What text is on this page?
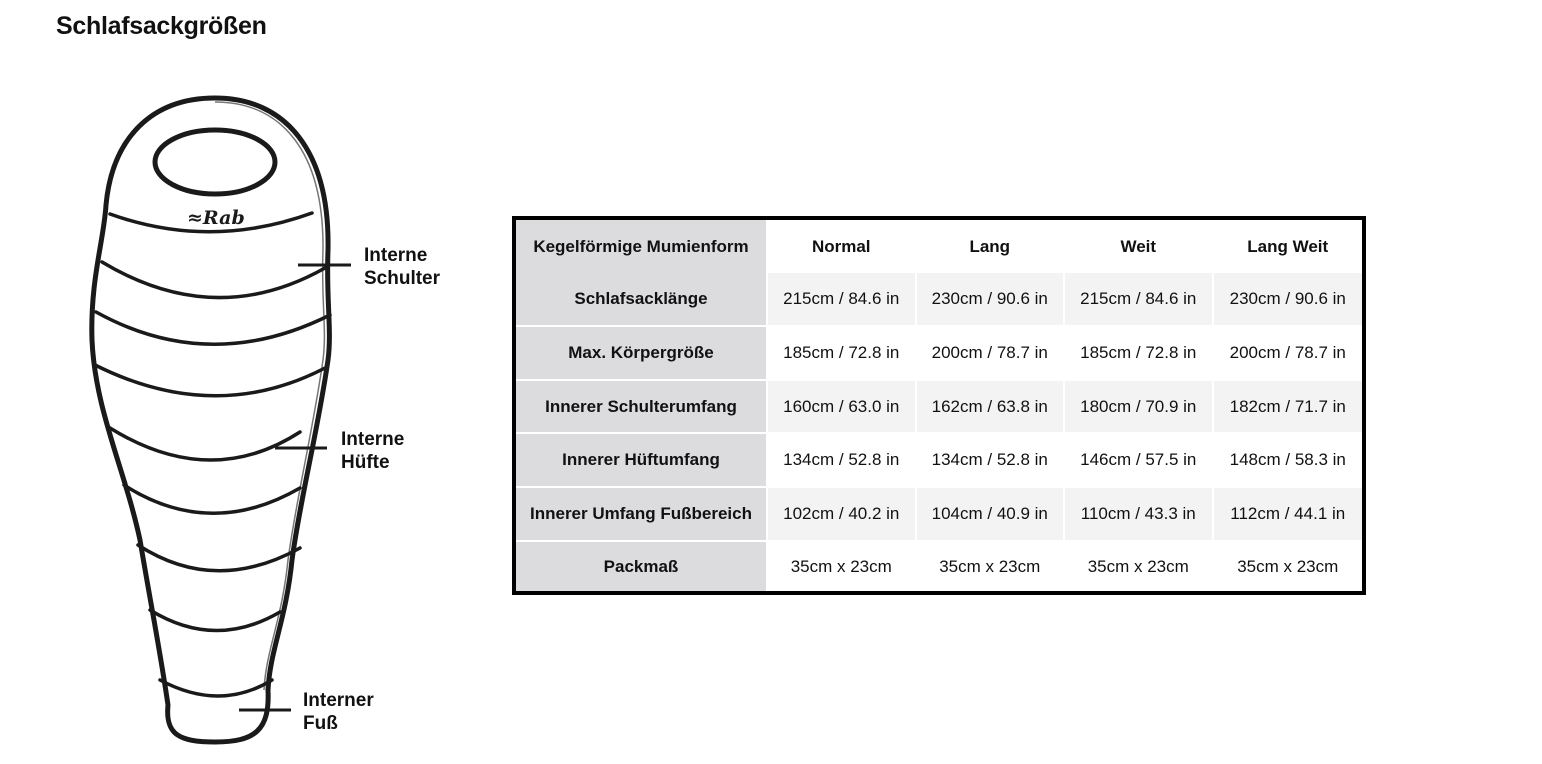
Schlafsackgrößen
≈Rab
Interne
Schulter
Interne
Hüfte
Interner
Fuß
Kegelförmige Mumienform	Normal	Lang	Weit	Lang Weit
Schlafsacklänge	215cm / 84.6 in	230cm / 90.6 in	215cm / 84.6 in	230cm / 90.6 in
Max. Körpergröße	185cm / 72.8 in	200cm / 78.7 in	185cm / 72.8 in	200cm / 78.7 in
Innerer Schulterumfang	160cm / 63.0 in	162cm / 63.8 in	180cm / 70.9 in	182cm / 71.7 in
Innerer Hüftumfang	134cm / 52.8 in	134cm / 52.8 in	146cm / 57.5 in	148cm / 58.3 in
Innerer Umfang Fußbereich	102cm / 40.2 in	104cm / 40.9 in	110cm / 43.3 in	112cm / 44.1 in
Packmaß	35cm x 23cm	35cm x 23cm	35cm x 23cm	35cm x 23cm
